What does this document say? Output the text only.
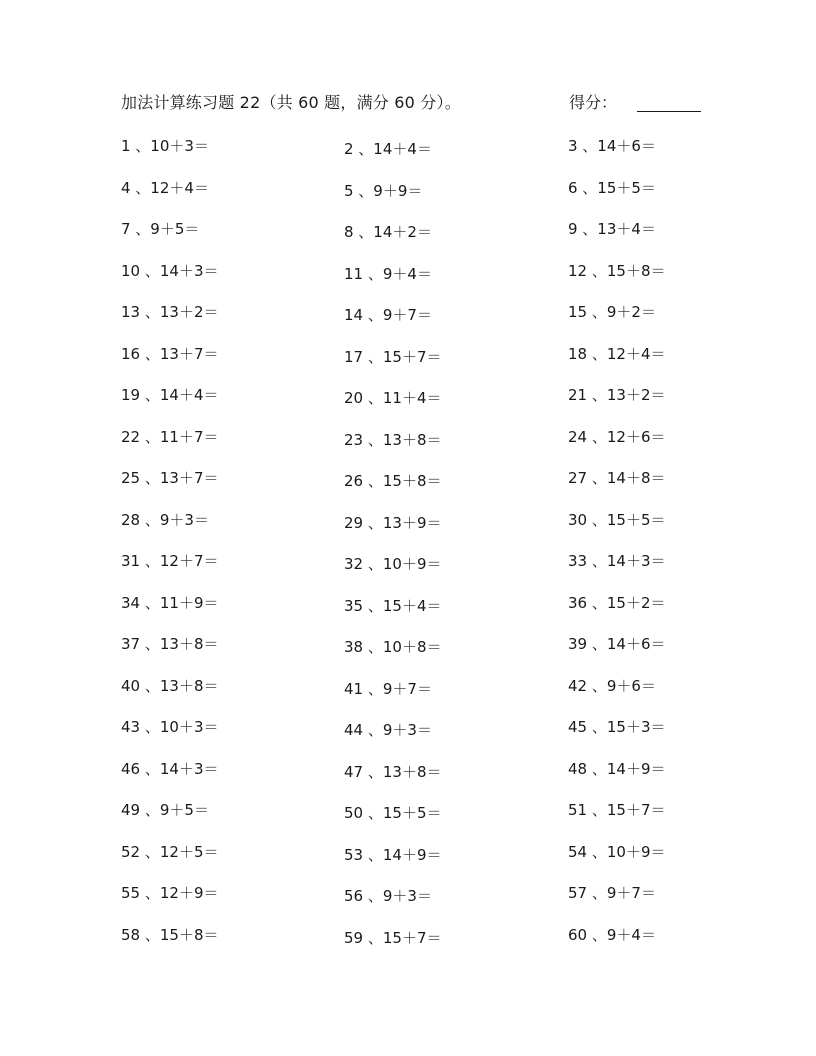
加法计算练习题 22（共 60 题，满分 60 分）。	得分：
1 、10＋3＝	2 、14＋4＝	3 、14＋6＝
4 、12＋4＝	5 、9＋9＝	6 、15＋5＝
7 、9＋5＝	8 、14＋2＝	9 、13＋4＝
10 、14＋3＝	11 、9＋4＝	12 、15＋8＝
13 、13＋2＝	14 、9＋7＝	15 、9＋2＝
16 、13＋7＝	17 、15＋7＝	18 、12＋4＝
19 、14＋4＝	20 、11＋4＝	21 、13＋2＝
22 、11＋7＝	23 、13＋8＝	24 、12＋6＝
25 、13＋7＝	26 、15＋8＝	27 、14＋8＝
28 、9＋3＝	29 、13＋9＝	30 、15＋5＝
31 、12＋7＝	32 、10＋9＝	33 、14＋3＝
34 、11＋9＝	35 、15＋4＝	36 、15＋2＝
37 、13＋8＝	38 、10＋8＝	39 、14＋6＝
40 、13＋8＝	41 、9＋7＝	42 、9＋6＝
43 、10＋3＝	44 、9＋3＝	45 、15＋3＝
46 、14＋3＝	47 、13＋8＝	48 、14＋9＝
49 、9＋5＝	50 、15＋5＝	51 、15＋7＝
52 、12＋5＝	53 、14＋9＝	54 、10＋9＝
55 、12＋9＝	56 、9＋3＝	57 、9＋7＝
58 、15＋8＝	59 、15＋7＝	60 、9＋4＝
